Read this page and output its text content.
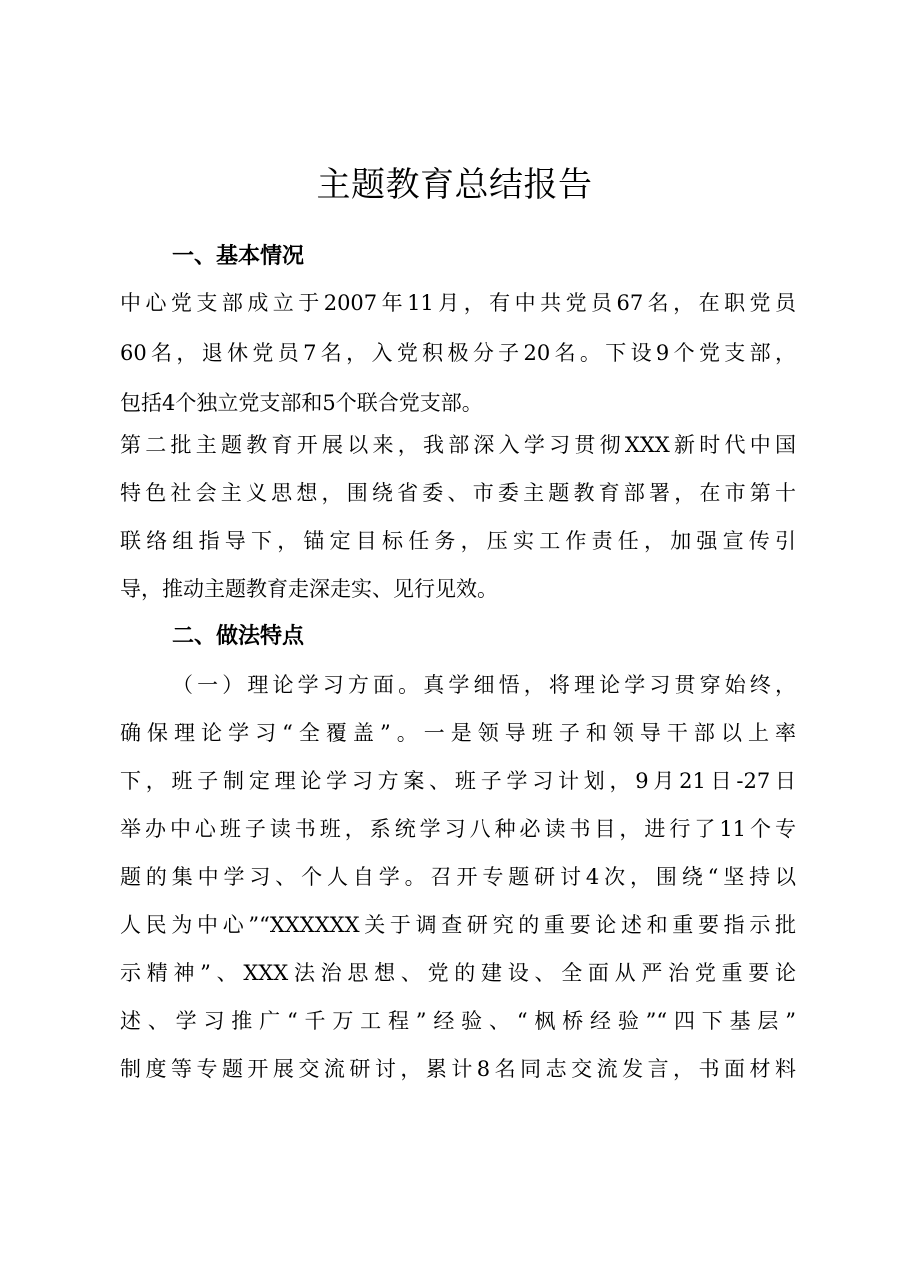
主题教育总结报告
一、基本情况
中心党支部成立于2007年11月，有中共党员67名，在职党员
60名，退休党员7名，入党积极分子20名。下设9个党支部，
包括4个独立党支部和5个联合党支部。
第二批主题教育开展以来，我部深入学习贯彻XXX新时代中国
特色社会主义思想，围绕省委、市委主题教育部署，在市第十
联络组指导下，锚定目标任务，压实工作责任，加强宣传引
导，推动主题教育走深走实、见行见效。
二、做法特点
（一）理论学习方面。真学细悟，将理论学习贯穿始终，
确保理论学习“全覆盖”。一是领导班子和领导干部以上率
下，班子制定理论学习方案、班子学习计划，9月21日-27日
举办中心班子读书班，系统学习八种必读书目，进行了11个专
题的集中学习、个人自学。召开专题研讨4次，围绕“坚持以
人民为中心”“XXXXXX关于调查研究的重要论述和重要指示批
示精神”、XXX法治思想、党的建设、全面从严治党重要论
述、学习推广“千万工程”经验、“枫桥经验”“四下基层”
制度等专题开展交流研讨，累计8名同志交流发言，书面材料
